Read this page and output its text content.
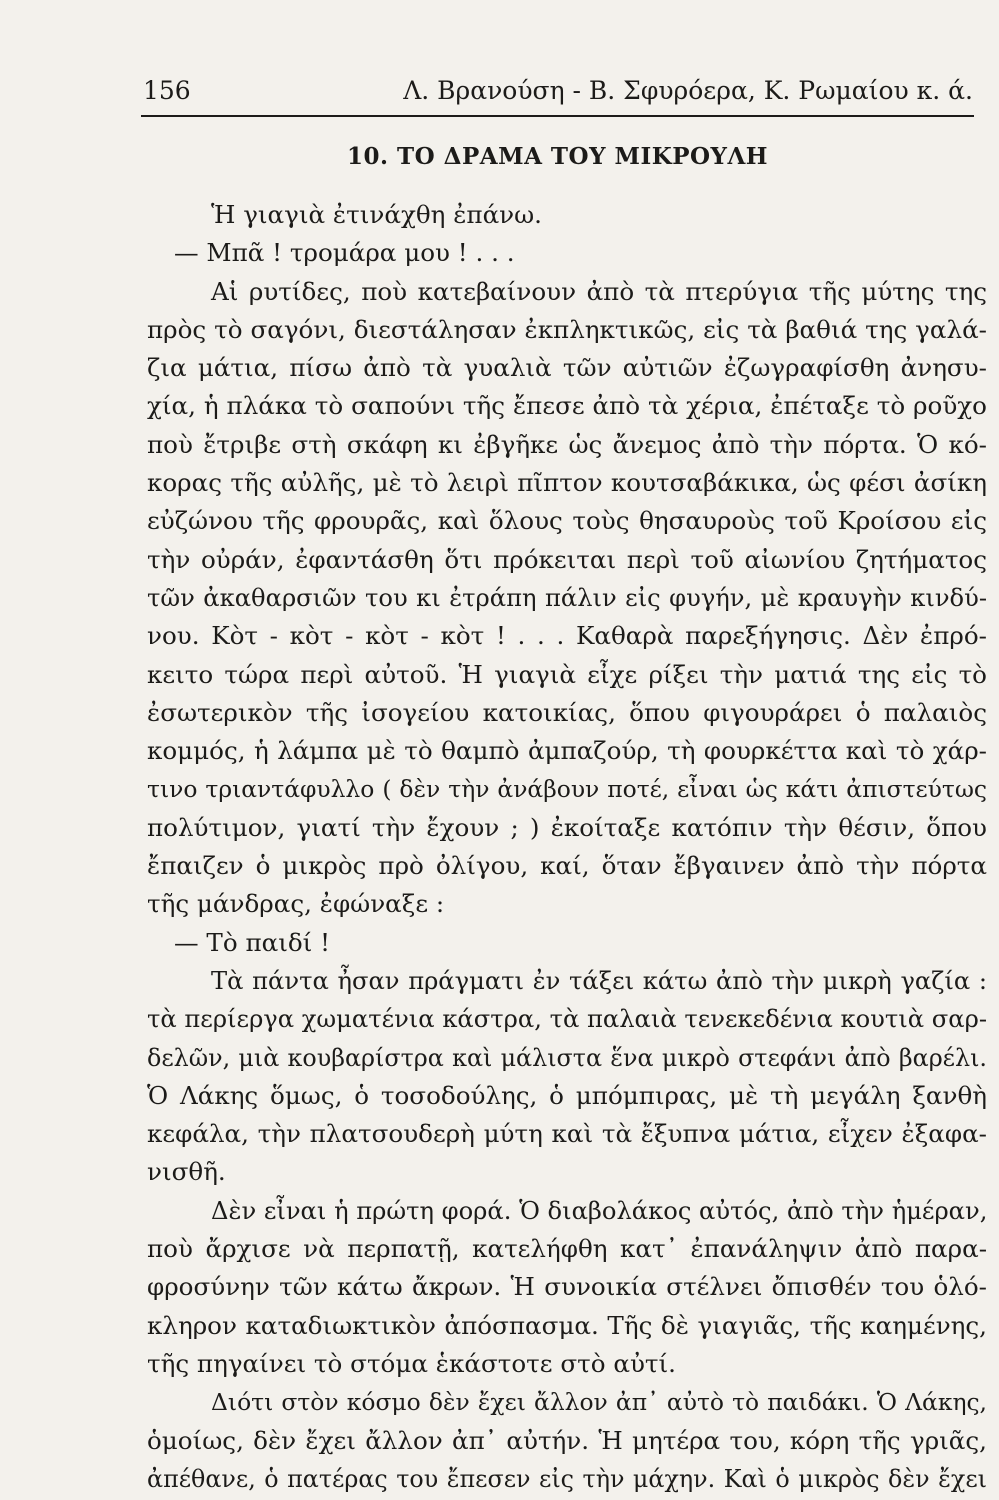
156	Λ. Βρανούση - Β. Σφυρόερα, Κ. Ρωμαίου κ. ά.
10. ΤΟ ΔΡΑΜΑ ΤΟΥ ΜΙΚΡΟΥΛΗ
Ἡ γιαγιὰ ἐτινάχθη ἐπάνω.
— Μπᾶ ! τρομάρα μου ! . . .
Αἱ ρυτίδες, ποὺ κατεβαίνουν ἀπὸ τὰ πτερύγια τῆς μύτης της
πρὸς τὸ σαγόνι, διεστάλησαν ἐκπληκτικῶς, εἰς τὰ βαθιά της γαλά-
ζια μάτια, πίσω ἀπὸ τὰ γυαλιὰ τῶν αὐτιῶν ἐζωγραφίσθη ἀνησυ-
χία, ἡ πλάκα τὸ σαπούνι τῆς ἔπεσε ἀπὸ τὰ χέρια, ἐπέταξε τὸ ροῦχο
ποὺ ἔτριβε στὴ σκάφη κι ἐβγῆκε ὡς ἄνεμος ἀπὸ τὴν πόρτα. Ὁ κό-
κορας τῆς αὐλῆς, μὲ τὸ λειρὶ πῖπτον κουτσαβάκικα, ὡς φέσι ἀσίκη
εὐζώνου τῆς φρουρᾶς, καὶ ὅλους τοὺς θησαυροὺς τοῦ Κροίσου εἰς
τὴν οὐράν, ἐφαντάσθη ὅτι πρόκειται περὶ τοῦ αἰωνίου ζητήματος
τῶν ἀκαθαρσιῶν του κι ἐτράπη πάλιν εἰς φυγήν, μὲ κραυγὴν κινδύ-
νου. Κὸτ - κὸτ - κὸτ - κὸτ ! . . . Καθαρὰ παρεξήγησις. Δὲν ἐπρό-
κειτο τώρα περὶ αὐτοῦ. Ἡ γιαγιὰ εἶχε ρίξει τὴν ματιά της εἰς τὸ
ἐσωτερικὸν τῆς ἰσογείου κατοικίας, ὅπου φιγουράρει ὁ παλαιὸς
κομμός, ἡ λάμπα μὲ τὸ θαμπὸ ἀμπαζούρ, τὴ φουρκέττα καὶ τὸ χάρ-
τινο τριαντάφυλλο ( δὲν τὴν ἀνάβουν ποτέ, εἶναι ὡς κάτι ἀπιστεύτως
πολύτιμον, γιατί τὴν ἔχουν ; ) ἐκοίταξε κατόπιν τὴν θέσιν, ὅπου
ἔπαιζεν ὁ μικρὸς πρὸ ὀλίγου, καί, ὅταν ἔβγαινεν ἀπὸ τὴν πόρτα
τῆς μάνδρας, ἐφώναξε :
— Τὸ παιδί !
Τὰ πάντα ἦσαν πράγματι ἐν τάξει κάτω ἀπὸ τὴν μικρὴ γαζία :
τὰ περίεργα χωματένια κάστρα, τὰ παλαιὰ τενεκεδένια κουτιὰ σαρ-
δελῶν, μιὰ κουβαρίστρα καὶ μάλιστα ἕνα μικρὸ στεφάνι ἀπὸ βαρέλι.
Ὁ Λάκης ὅμως, ὁ τοσοδούλης, ὁ μπόμπιρας, μὲ τὴ μεγάλη ξανθὴ
κεφάλα, τὴν πλατσουδερὴ μύτη καὶ τὰ ἔξυπνα μάτια, εἶχεν ἐξαφα-
νισθῆ.
Δὲν εἶναι ἡ πρώτη φορά. Ὁ διαβολάκος αὐτός, ἀπὸ τὴν ἡμέραν,
ποὺ ἄρχισε νὰ περπατῇ, κατελήφθη κατ᾽ ἐπανάληψιν ἀπὸ παρα-
φροσύνην τῶν κάτω ἄκρων. Ἡ συνοικία στέλνει ὄπισθέν του ὁλό-
κληρον καταδιωκτικὸν ἀπόσπασμα. Τῆς δὲ γιαγιᾶς, τῆς καημένης,
τῆς πηγαίνει τὸ στόμα ἑκάστοτε στὸ αὐτί.
Διότι στὸν κόσμο δὲν ἔχει ἄλλον ἀπ᾽ αὐτὸ τὸ παιδάκι. Ὁ Λάκης,
ὁμοίως, δὲν ἔχει ἄλλον ἀπ᾽ αὐτήν. Ἡ μητέρα του, κόρη τῆς γριᾶς,
ἀπέθανε, ὁ πατέρας του ἔπεσεν εἰς τὴν μάχην. Καὶ ὁ μικρὸς δὲν ἔχει
